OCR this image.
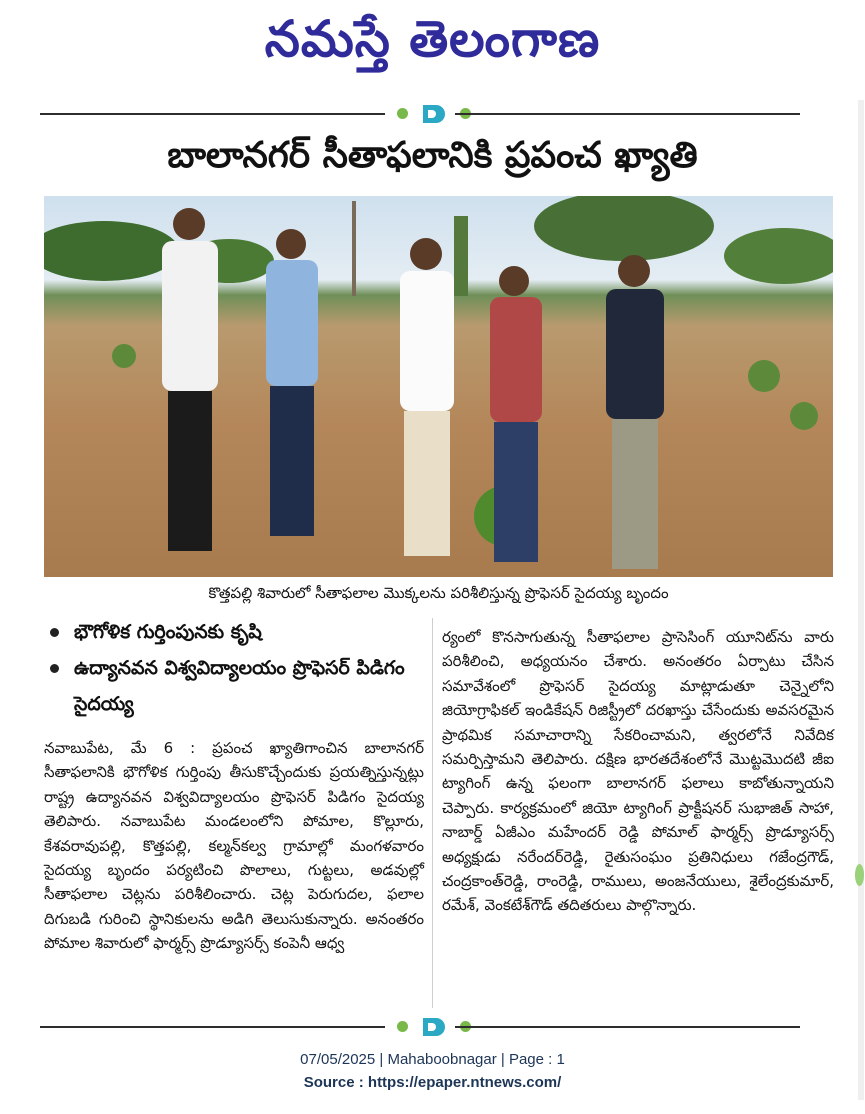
నమస్తే తెలంగాణ
బాలానగర్ సీతాఫలానికి ప్రపంచ ఖ్యాతి
కొత్తపల్లి శివారులో సీతాఫలాల మొక్కలను పరిశీలిస్తున్న ప్రొఫెసర్ సైదయ్య బృందం
భౌగోళిక గుర్తింపునకు కృషి
ఉద్యానవన విశ్వవిద్యాలయం ప్రొఫెసర్ పిడిగం సైదయ్య

నవాబుపేట, మే 6 : ప్రపంచ ఖ్యాతిగాంచిన బాలానగర్ సీతాఫలానికి భౌగోళిక గుర్తింపు తీసుకొచ్చేందుకు ప్రయత్నిస్తున్నట్లు రాష్ట్ర ఉద్యానవన విశ్వవిద్యాలయం ప్రొఫెసర్ పిడిగం సైదయ్య తెలిపారు. నవాబుపేట మండలంలోని పోమాల, కొల్లూరు, కేశవరావుపల్లి, కొత్తపల్లి, కల్మన్‌కల్వ గ్రామాల్లో మంగళవారం సైదయ్య బృందం పర్యటించి పొలాలు, గుట్టలు, అడవుల్లో సీతాఫలాల చెట్లను పరిశీలించారు. చెట్ల పెరుగుదల, ఫలాల దిగుబడి గురించి స్థానికులను అడిగి తెలుసుకున్నారు. అనంతరం పోమాల శివారులో ఫార్మర్స్ ప్రొడ్యూసర్స్ కంపెనీ ఆధ్వ

ర్యంలో కొనసాగుతున్న సీతాఫలాల ప్రాసెసింగ్ యూనిట్‌ను వారు పరిశీలించి, అధ్యయనం చేశారు. అనంతరం ఏర్పాటు చేసిన సమావేశంలో ప్రొఫెసర్ సైదయ్య మాట్లాడుతూ చెన్నైలోని జియోగ్రాఫికల్ ఇండికేషన్ రిజిస్ట్రీలో దరఖాస్తు చేసేందుకు అవసరమైన ప్రాథమిక సమాచారాన్ని సేకరించామని, త్వరలోనే నివేదిక సమర్పిస్తామని తెలిపారు. దక్షిణ భారతదేశంలోనే మొట్టమొదటి జీఐ ట్యాగింగ్ ఉన్న ఫలంగా బాలానగర్ ఫలాలు కాబోతున్నాయని చెప్పారు. కార్యక్రమంలో జియో ట్యాగింగ్ ప్రాక్టీషనర్ సుభాజిత్ సాహా, నాబార్డ్ ఏజీఎం మహేందర్ రెడ్డి పోమాల్ ఫార్మర్స్ ప్రొడ్యూసర్స్ అధ్యక్షుడు నరేందర్‌రెడ్డి, రైతుసంఘం ప్రతినిధులు గజేంద్రగౌడ్, చంద్రకాంత్‌రెడ్డి, రాంరెడ్డి, రాములు, అంజనేయులు, శైలేంద్రకుమార్, రమేశ్, వెంకటేశ్‌గౌడ్ తదితరులు పాల్గొన్నారు.

07/05/2025 | Mahaboobnagar | Page : 1
Source : https://epaper.ntnews.com/
